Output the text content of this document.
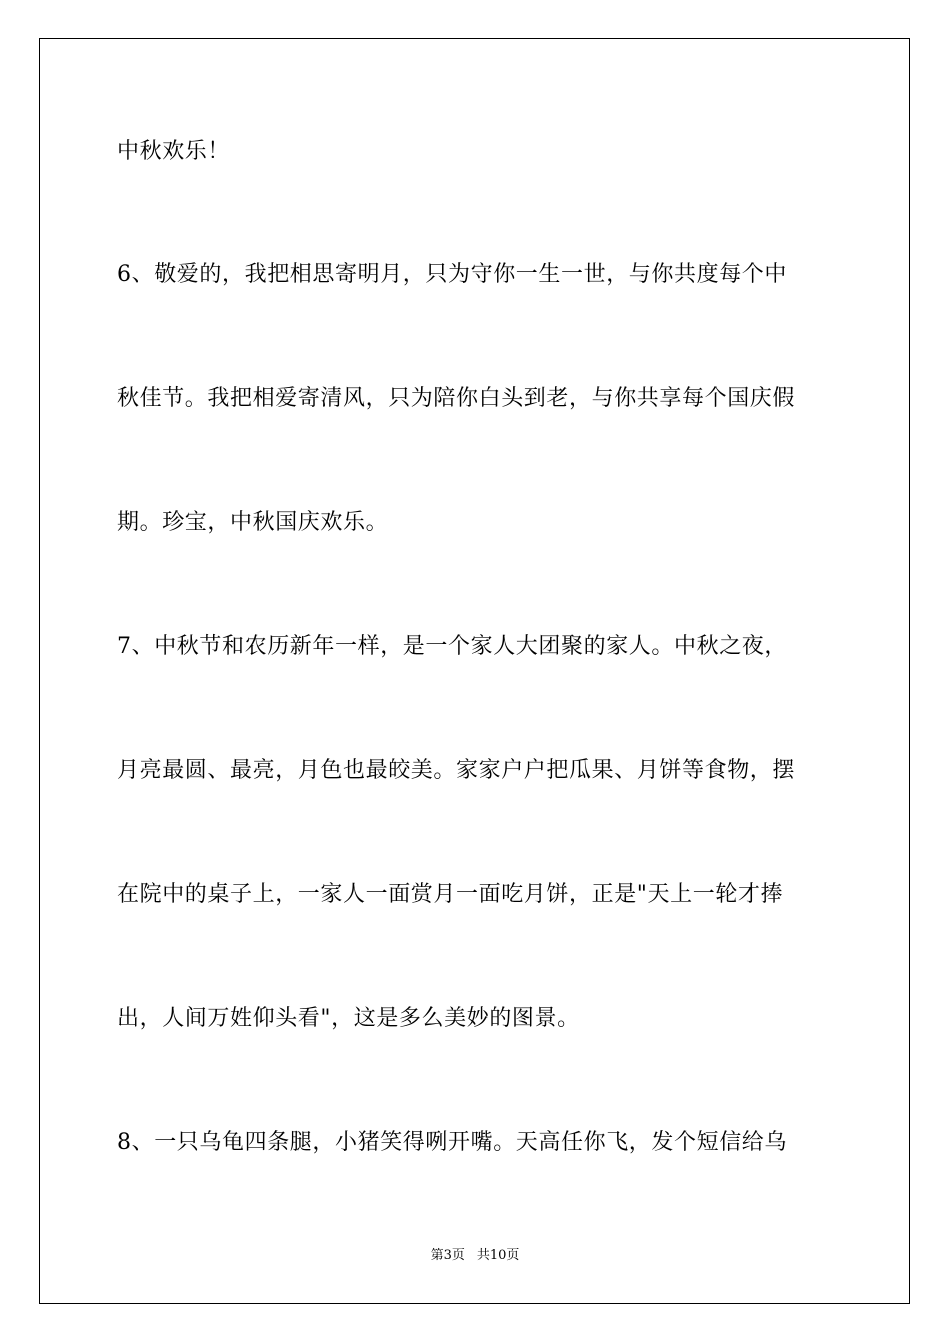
中秋欢乐！
6、敬爱的，我把相思寄明月，只为守你一生一世，与你共度每个中
秋佳节。我把相爱寄清风，只为陪你白头到老，与你共享每个国庆假
期。珍宝，中秋国庆欢乐。
7、中秋节和农历新年一样，是一个家人大团聚的家人。中秋之夜，
月亮最圆、最亮，月色也最皎美。家家户户把瓜果、月饼等食物，摆
在院中的桌子上，一家人一面赏月一面吃月饼，正是"天上一轮才捧
出，人间万姓仰头看"，这是多么美妙的图景。
8、一只乌龟四条腿，小猪笑得咧开嘴。天高任你飞，发个短信给乌
第3页 共10页
